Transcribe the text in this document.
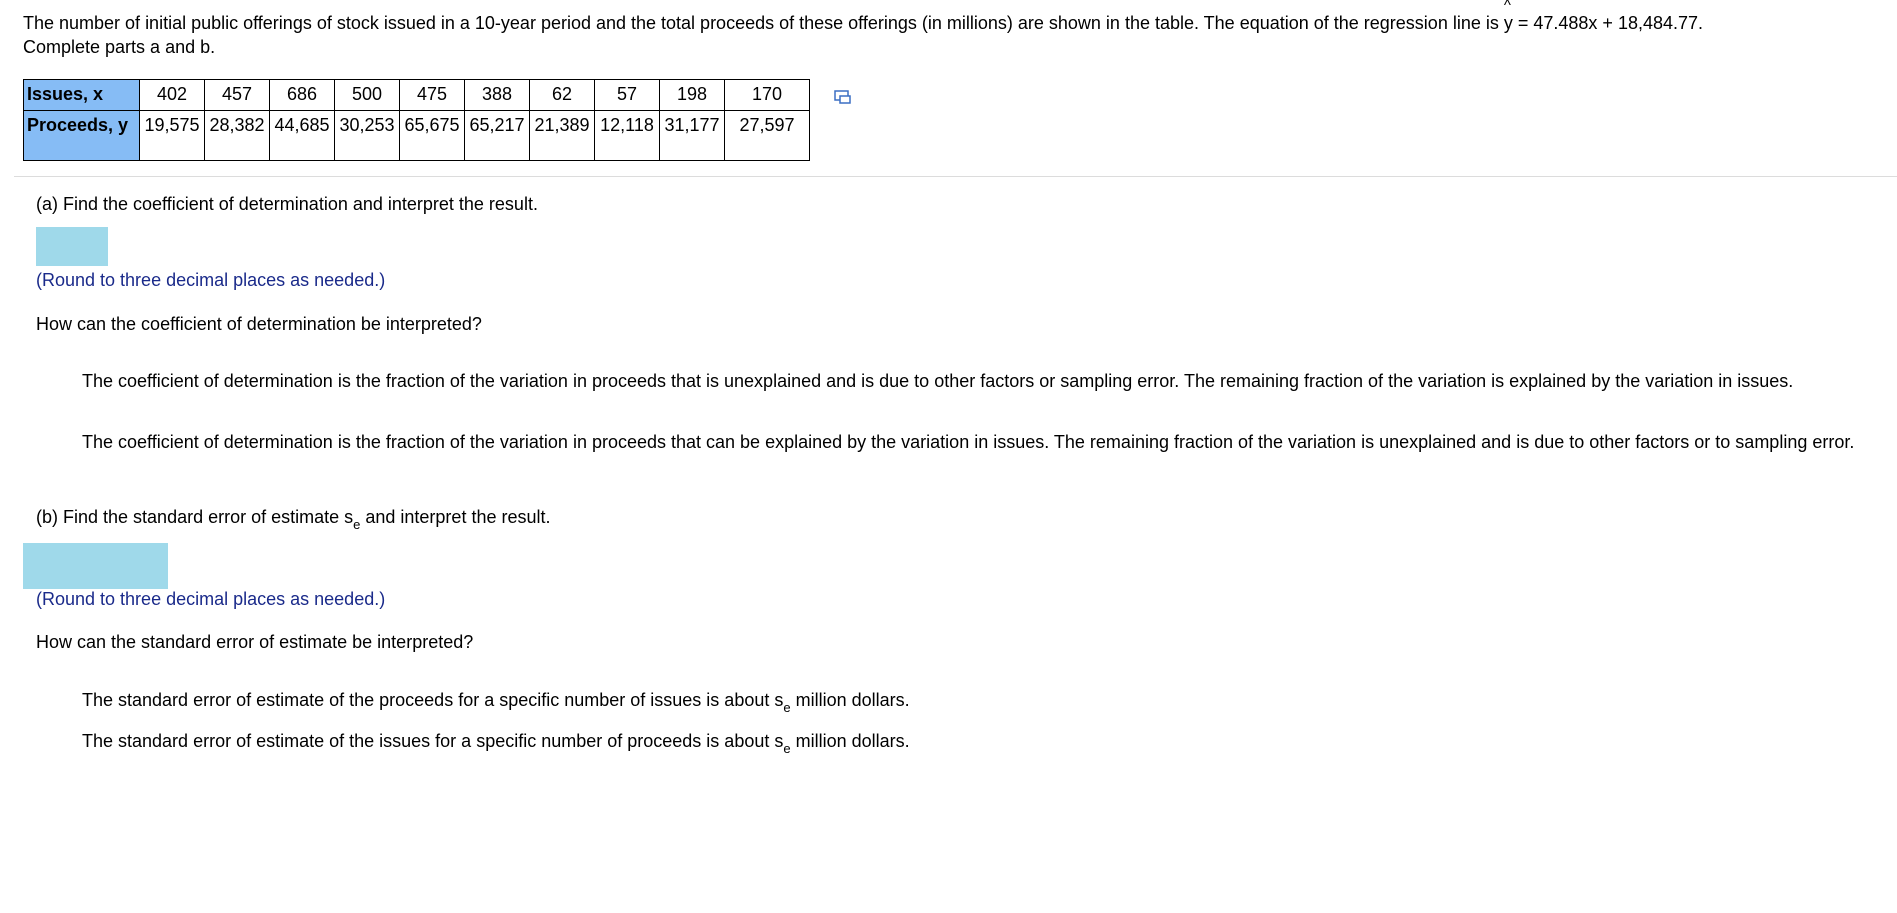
The number of initial public offerings of stock issued in a 10-year period and the total proceeds of these offerings (in millions) are shown in the table. The equation of the regression line is
^
y = 47.488x + 18,484.77.
Complete parts a and b.
Issues, x	402	457	686	500	475	388	62	57	198	170
Proceeds, y	19,575	28,382	44,685	30,253	65,675	65,217	21,389	12,118	31,177	27,597
(a) Find the coefficient of determination and interpret the result.
(Round to three decimal places as needed.)
How can the coefficient of determination be interpreted?
The coefficient of determination is the fraction of the variation in proceeds that is unexplained and is due to other factors or sampling error. The remaining fraction of the variation is explained by the variation in issues.
The coefficient of determination is the fraction of the variation in proceeds that can be explained by the variation in issues. The remaining fraction of the variation is unexplained and is due to other factors or to sampling error.
(b) Find the standard error of estimate $s_e$ and interpret the result.
(Round to three decimal places as needed.)
How can the standard error of estimate be interpreted?
The standard error of estimate of the proceeds for a specific number of issues is about $s_e$ million dollars.
The standard error of estimate of the issues for a specific number of proceeds is about $s_e$ million dollars.
